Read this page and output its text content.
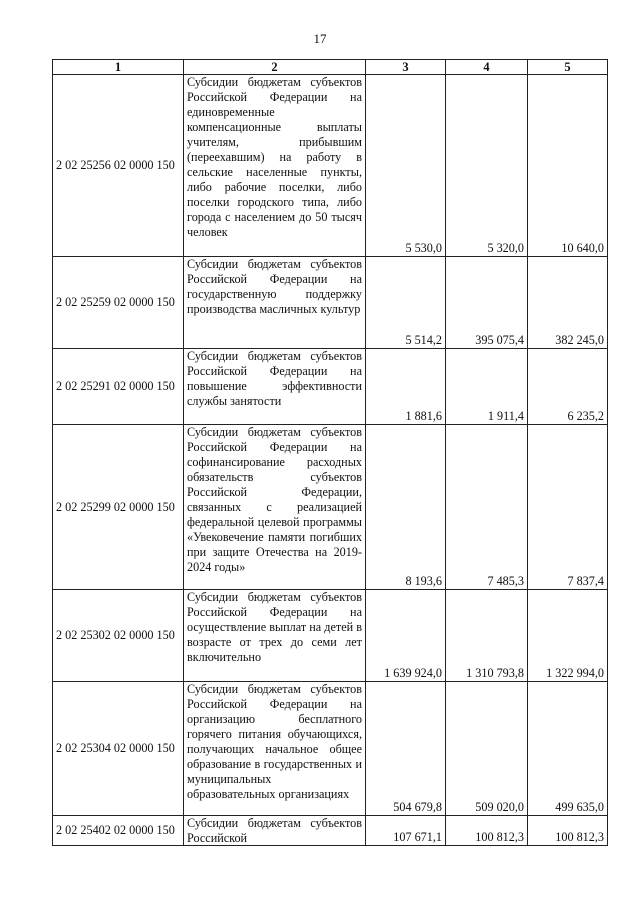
17
1	2	3	4	5
2 02 25256 02 0000 150	Субсидии бюджетам субъектов Российской Федерации на единовременные компенсационные выплаты учителям, прибывшим (переехавшим) на работу в сельские населенные пункты, либо рабочие поселки, либо поселки городского типа, либо города с населением до 50 тысяч человек	5 530,0	5 320,0	10 640,0
2 02 25259 02 0000 150	Субсидии бюджетам субъектов Российской Федерации на государственную поддержку производства масличных культур	5 514,2	395 075,4	382 245,0
2 02 25291 02 0000 150	Субсидии бюджетам субъектов Российской Федерации на повышение эффективности службы занятости	1 881,6	1 911,4	6 235,2
2 02 25299 02 0000 150	Субсидии бюджетам субъектов Российской Федерации на софинансирование расходных обязательств субъектов Российской Федерации, связанных с реализацией федеральной целевой программы «Увековечение памяти погибших при защите Отечества на 2019-2024 годы»	8 193,6	7 485,3	7 837,4
2 02 25302 02 0000 150	Субсидии бюджетам субъектов Российской Федерации на осуществление выплат на детей в возрасте от трех до семи лет включительно	1 639 924,0	1 310 793,8	1 322 994,0
2 02 25304 02 0000 150	Субсидии бюджетам субъектов Российской Федерации на организацию бесплатного горячего питания обучающихся, получающих начальное общее образование в государственных и муниципальных образовательных организациях	504 679,8	509 020,0	499 635,0
2 02 25402 02 0000 150	Субсидии бюджетам субъектов Российской	107 671,1	100 812,3	100 812,3
